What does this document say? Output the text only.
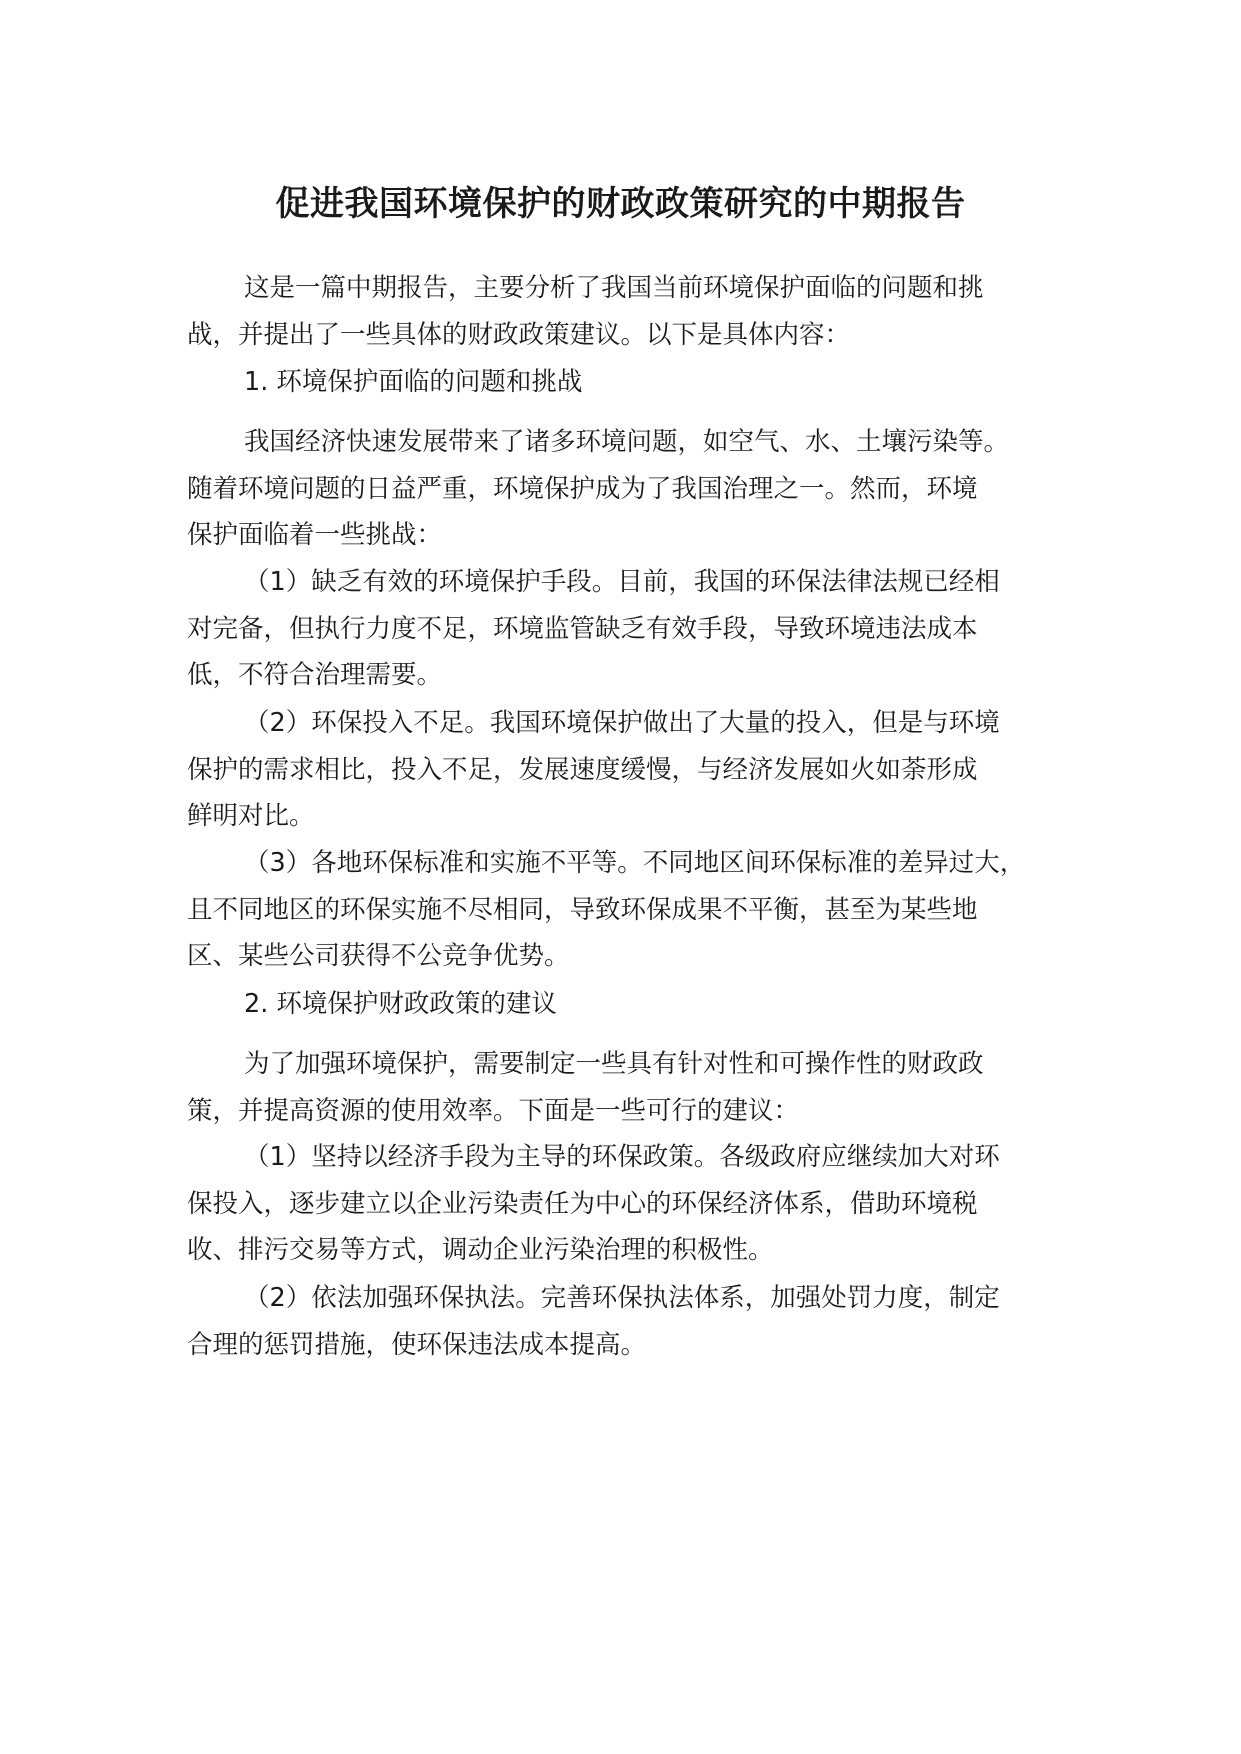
促进我国环境保护的财政政策研究的中期报告
这是一篇中期报告，主要分析了我国当前环境保护面临的问题和挑
战，并提出了一些具体的财政政策建议。以下是具体内容：
1. 环境保护面临的问题和挑战
我国经济快速发展带来了诸多环境问题，如空气、水、土壤污染等。
随着环境问题的日益严重，环境保护成为了我国治理之一。然而，环境
保护面临着一些挑战：
（1）缺乏有效的环境保护手段。目前，我国的环保法律法规已经相
对完备，但执行力度不足，环境监管缺乏有效手段，导致环境违法成本
低，不符合治理需要。
（2）环保投入不足。我国环境保护做出了大量的投入，但是与环境
保护的需求相比，投入不足，发展速度缓慢，与经济发展如火如荼形成
鲜明对比。
（3）各地环保标准和实施不平等。不同地区间环保标准的差异过大，
且不同地区的环保实施不尽相同，导致环保成果不平衡，甚至为某些地
区、某些公司获得不公竞争优势。
2. 环境保护财政政策的建议
为了加强环境保护，需要制定一些具有针对性和可操作性的财政政
策，并提高资源的使用效率。下面是一些可行的建议：
（1）坚持以经济手段为主导的环保政策。各级政府应继续加大对环
保投入，逐步建立以企业污染责任为中心的环保经济体系，借助环境税
收、排污交易等方式，调动企业污染治理的积极性。
（2）依法加强环保执法。完善环保执法体系，加强处罚力度，制定
合理的惩罚措施，使环保违法成本提高。
